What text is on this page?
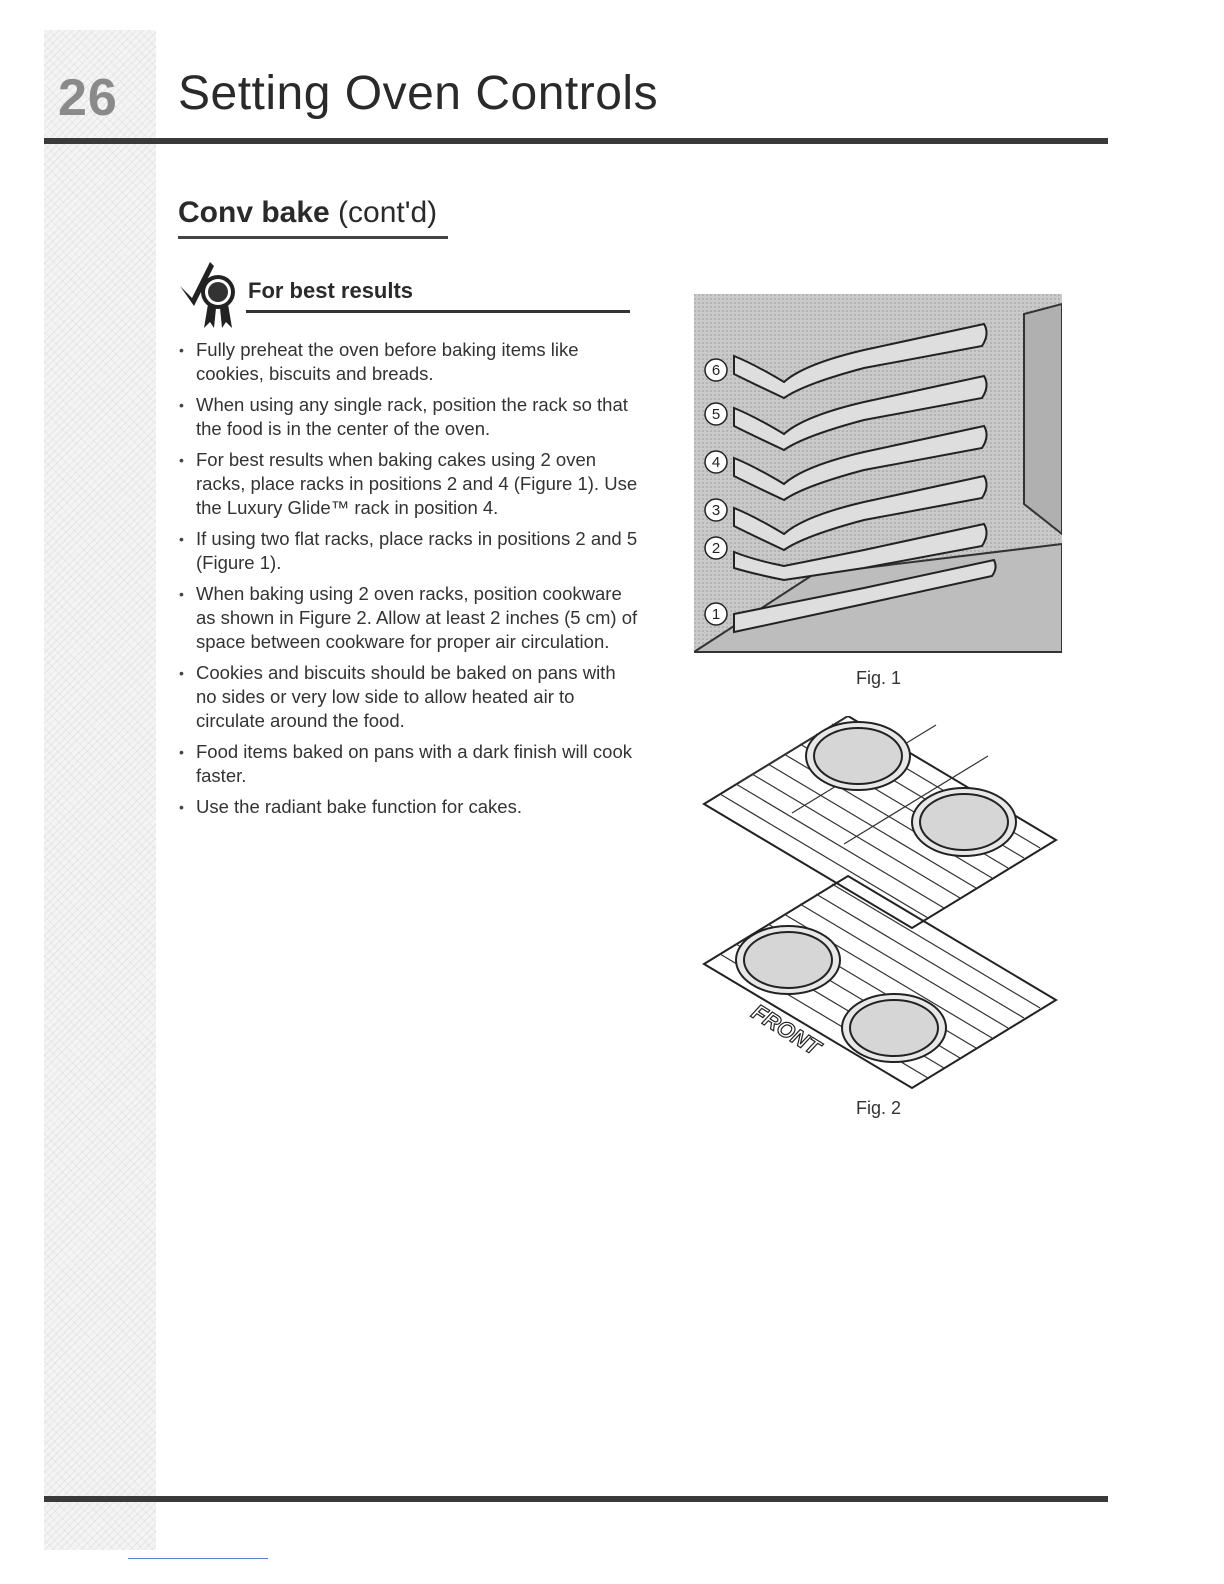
26 Setting Oven Controls
Conv bake (cont'd)
For best results
• Fully preheat the oven before baking items like cookies, biscuits and breads.
• When using any single rack, position the rack so that the food is in the center of the oven.
• For best results when baking cakes using 2 oven racks, place racks in positions 2 and 4 (Figure 1). Use the Luxury Glide™ rack in position 4.
• If using two flat racks, place racks in positions 2 and 5 (Figure 1).
• When baking using 2 oven racks, position cookware as shown in Figure 2. Allow at least 2 inches (5 cm) of space between cookware for proper air circulation.
• Cookies and biscuits should be baked on pans with no sides or very low side to allow heated air to circulate around the food.
• Food items baked on pans with a dark finish will cook faster.
• Use the radiant bake function for cakes.
6
5
4
3
2
1
Fig. 1
FRONT
Fig. 2
